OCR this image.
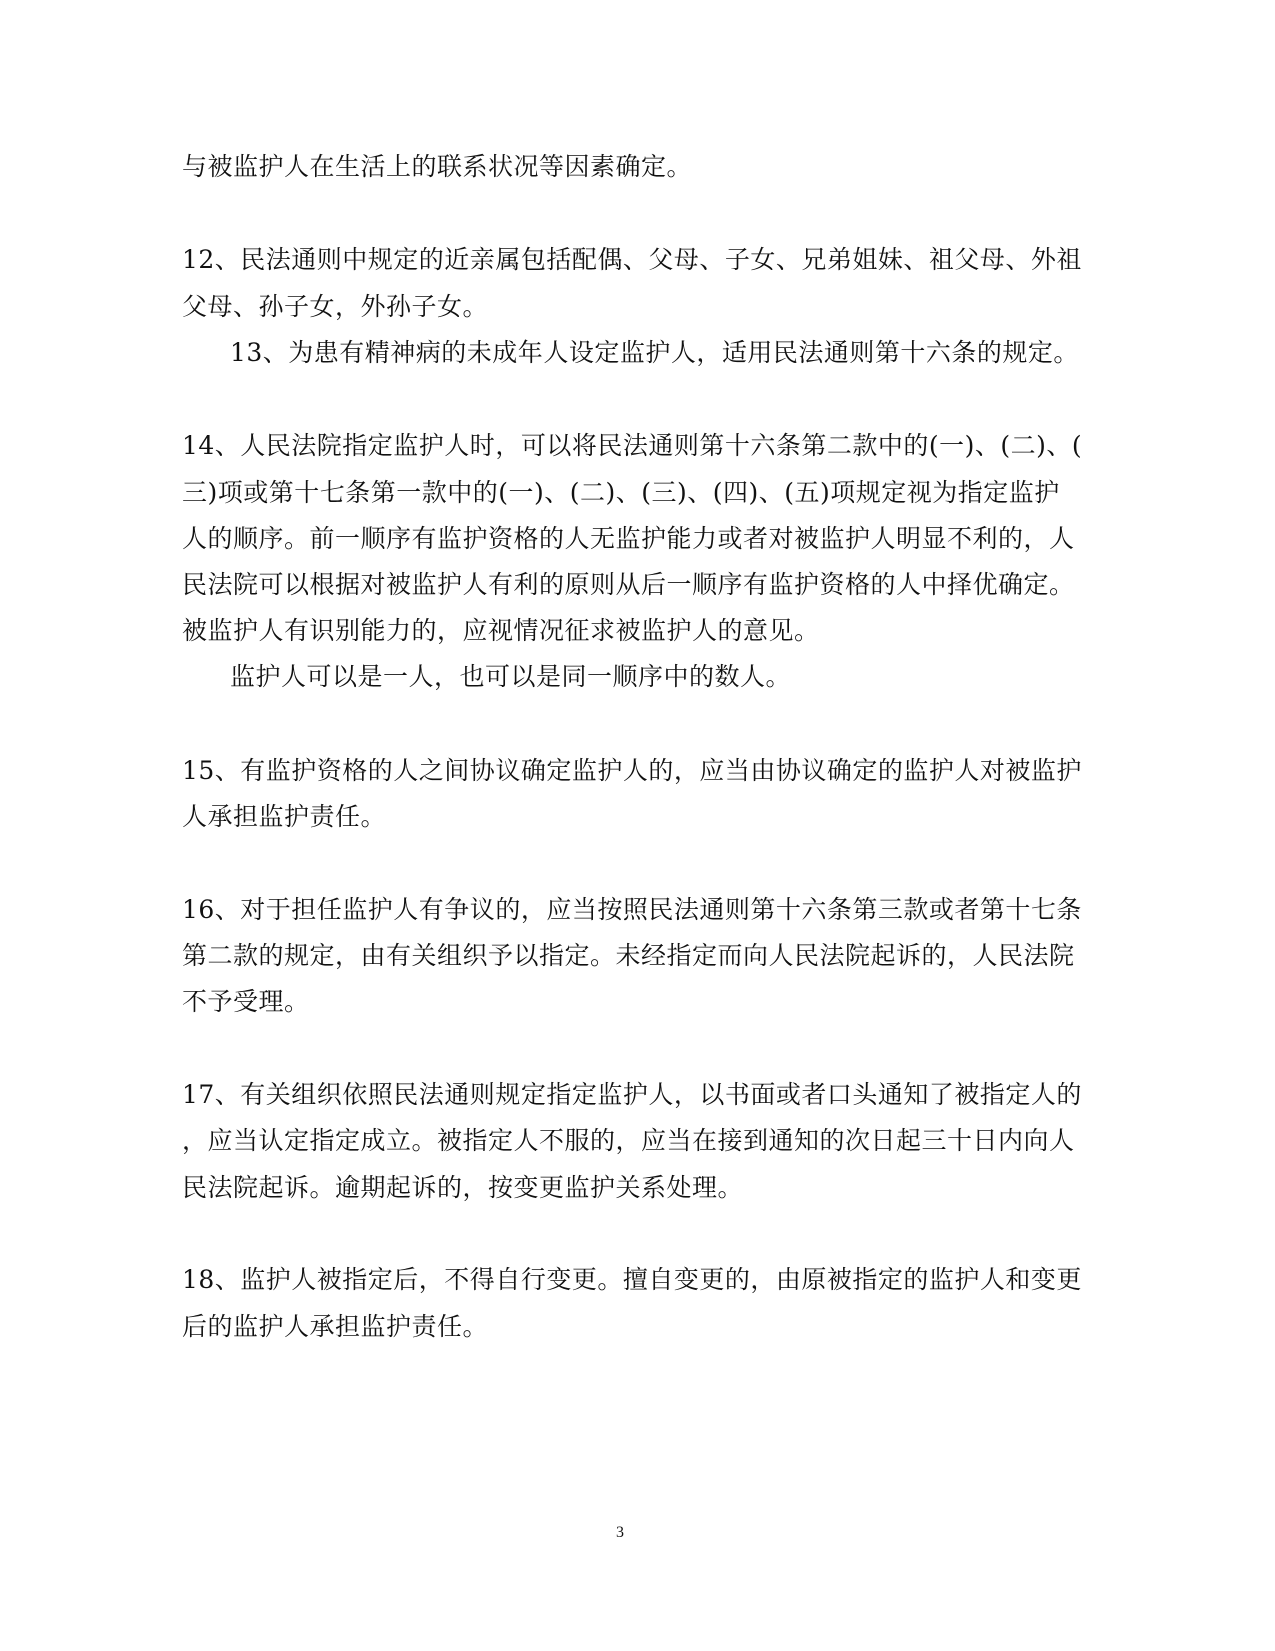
与被监护人在生活上的联系状况等因素确定。
12、民法通则中规定的近亲属包括配偶、父母、子女、兄弟姐妹、祖父母、外祖
父母、孙子女，外孙子女。
13、为患有精神病的未成年人设定监护人，适用民法通则第十六条的规定。
14、人民法院指定监护人时，可以将民法通则第十六条第二款中的(一)、(二)、(
三)项或第十七条第一款中的(一)、(二)、(三)、(四)、(五)项规定视为指定监护
人的顺序。前一顺序有监护资格的人无监护能力或者对被监护人明显不利的，人
民法院可以根据对被监护人有利的原则从后一顺序有监护资格的人中择优确定。
被监护人有识别能力的，应视情况征求被监护人的意见。
监护人可以是一人，也可以是同一顺序中的数人。
15、有监护资格的人之间协议确定监护人的，应当由协议确定的监护人对被监护
人承担监护责任。
16、对于担任监护人有争议的，应当按照民法通则第十六条第三款或者第十七条
第二款的规定，由有关组织予以指定。未经指定而向人民法院起诉的，人民法院
不予受理。
17、有关组织依照民法通则规定指定监护人，以书面或者口头通知了被指定人的
，应当认定指定成立。被指定人不服的，应当在接到通知的次日起三十日内向人
民法院起诉。逾期起诉的，按变更监护关系处理。
18、监护人被指定后，不得自行变更。擅自变更的，由原被指定的监护人和变更
后的监护人承担监护责任。
3
